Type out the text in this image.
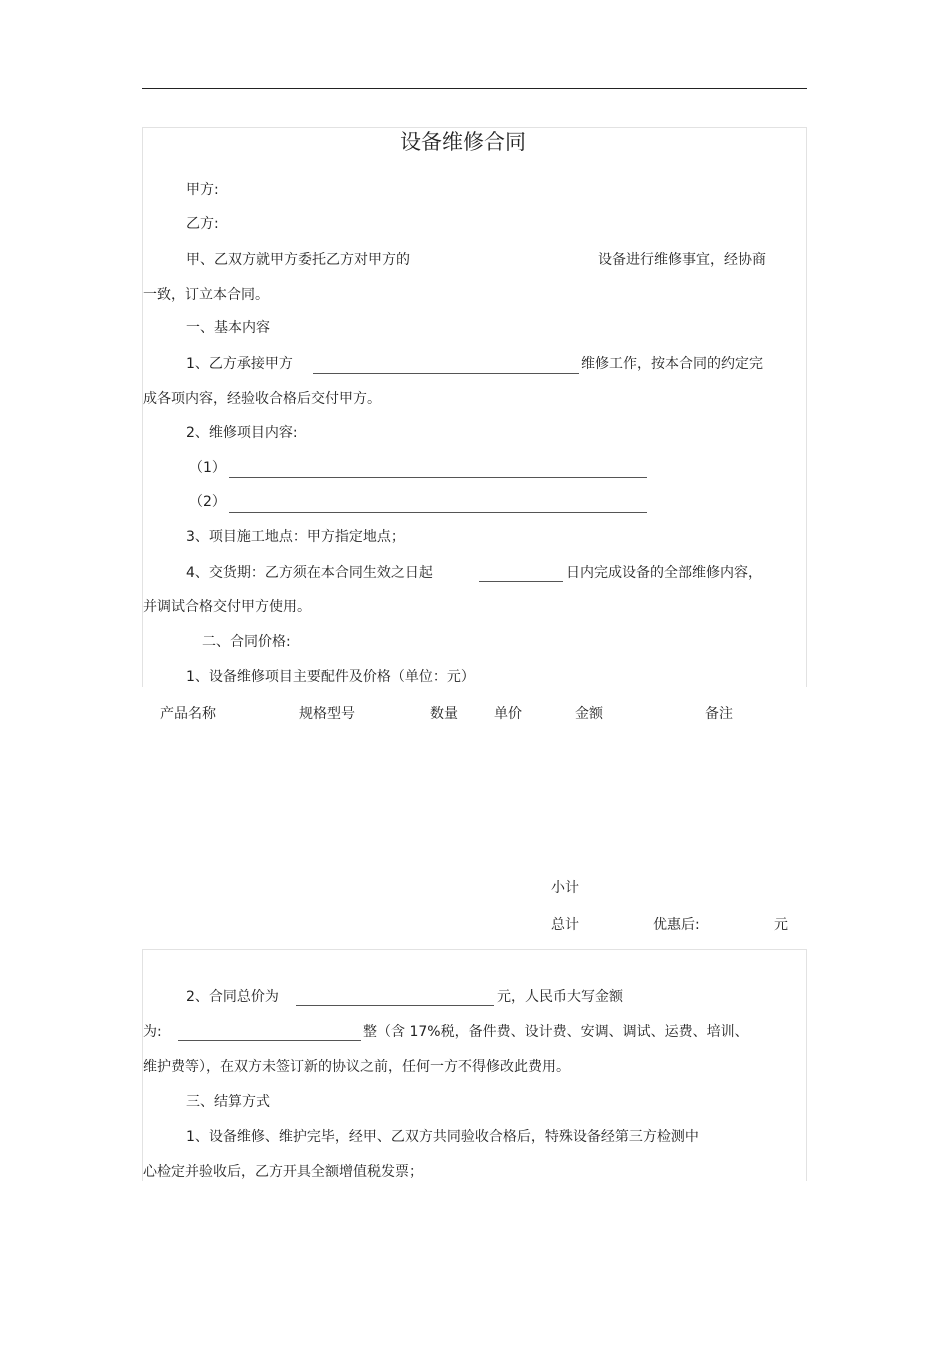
设备维修合同
甲方:
乙方:
甲、乙双方就甲方委托乙方对甲方的	设备进行维修事宜，经协商
一致，订立本合同。
一、基本内容
1、乙方承接甲方	维修工作，按本合同的约定完
成各项内容，经验收合格后交付甲方。
2、维修项目内容:
（1）
（2）
3、项目施工地点：甲方指定地点；
4、交货期：乙方须在本合同生效之日起	日内完成设备的全部维修内容，
并调试合格交付甲方使用。
二、合同价格:
1、设备维修项目主要配件及价格（单位：元）
产品名称	规格型号	数量	单价	金额	备注
小计
总计	优惠后:	元
2、合同总价为	元，人民币大写金额
为:	整（含 17%税，备件费、设计费、安调、调试、运费、培训、
维护费等），在双方未签订新的协议之前，任何一方不得修改此费用。
三、结算方式
1、设备维修、维护完毕，经甲、乙双方共同验收合格后，特殊设备经第三方检测中
心检定并验收后，乙方开具全额增值税发票；
